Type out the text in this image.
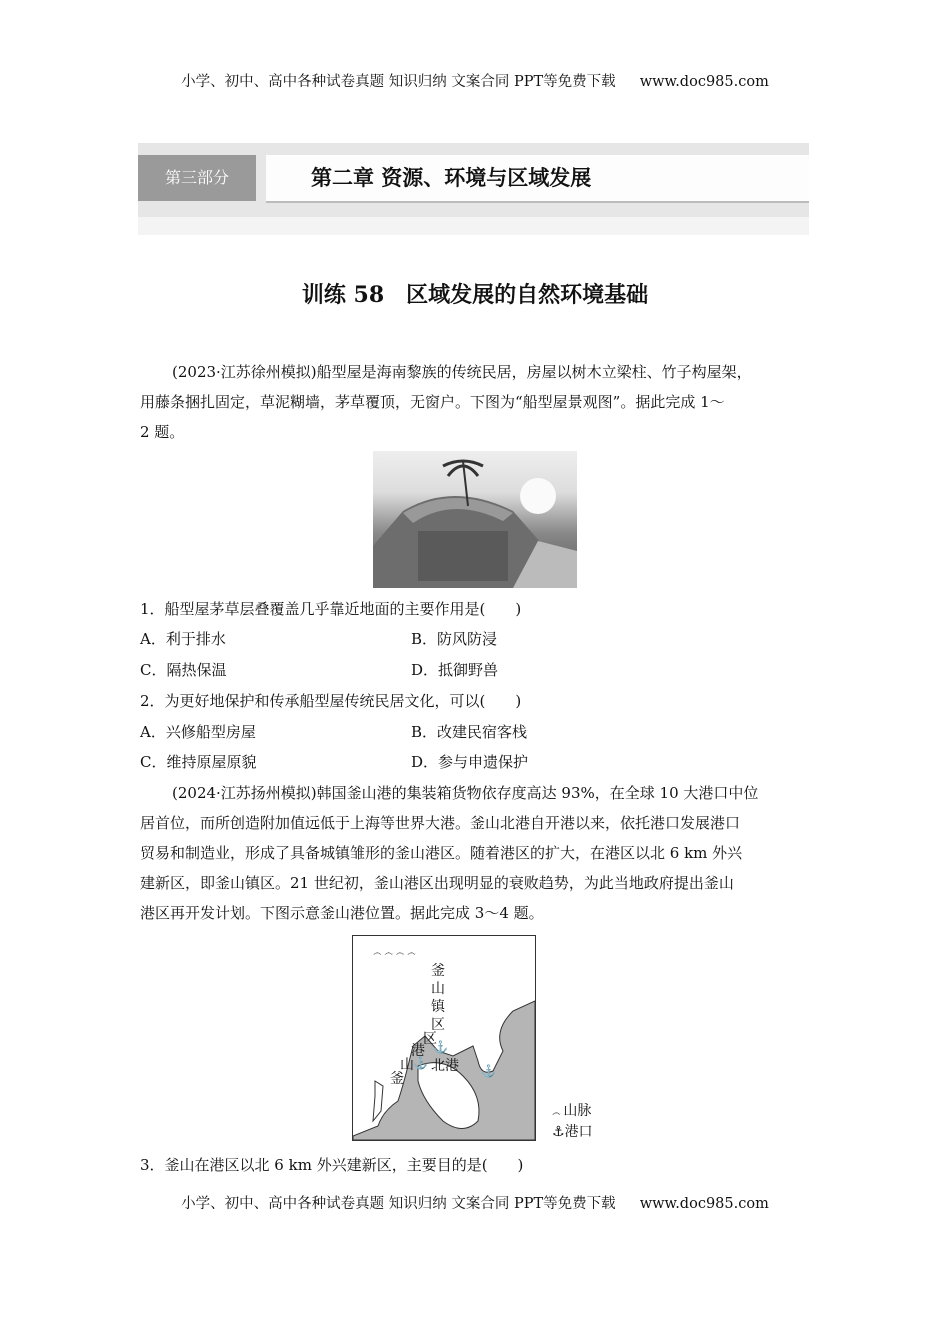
小学、初中、高中各种试卷真题 知识归纳 文案合同 PPT等免费下载 www.doc985.com
第三部分	第二章 资源、环境与区域发展
训练 58　区域发展的自然环境基础
(2023·江苏徐州模拟)船型屋是海南黎族的传统民居，房屋以树木立梁柱、竹子构屋架，
用藤条捆扎固定，草泥糊墙，茅草覆顶，无窗户。下图为“船型屋景观图”。据此完成 1～
2 题。
1．船型屋茅草层叠覆盖几乎靠近地面的主要作用是(　　)
A．利于排水	B．防风防浸
C．隔热保温	D．抵御野兽
2．为更好地保护和传承船型屋传统民居文化，可以(　　)
A．兴修船型房屋	B．改建民宿客栈
C．维持原屋原貌	D．参与申遗保护
(2024·江苏扬州模拟)韩国釜山港的集装箱货物依存度高达 93%，在全球 10 大港口中位
居首位，而所创造附加值远低于上海等世界大港。釜山北港自开港以来，依托港口发展港口
贸易和制造业，形成了具备城镇雏形的釜山港区。随着港区的扩大，在港区以北 6 km 外兴
建新区，即釜山镇区。21 世纪初，釜山港区出现明显的衰败趋势，为此当地政府提出釜山
港区再开发计划。下图示意釜山港位置。据此完成 3～4 题。
釜山镇区
釜
山
港
区
北港
⚓
⚓
⚓
෴ ෴ ෴ ෴
෴ 山脉
⚓港口
3．釜山在港区以北 6 km 外兴建新区，主要目的是(　　)
小学、初中、高中各种试卷真题 知识归纳 文案合同 PPT等免费下载 www.doc985.com
